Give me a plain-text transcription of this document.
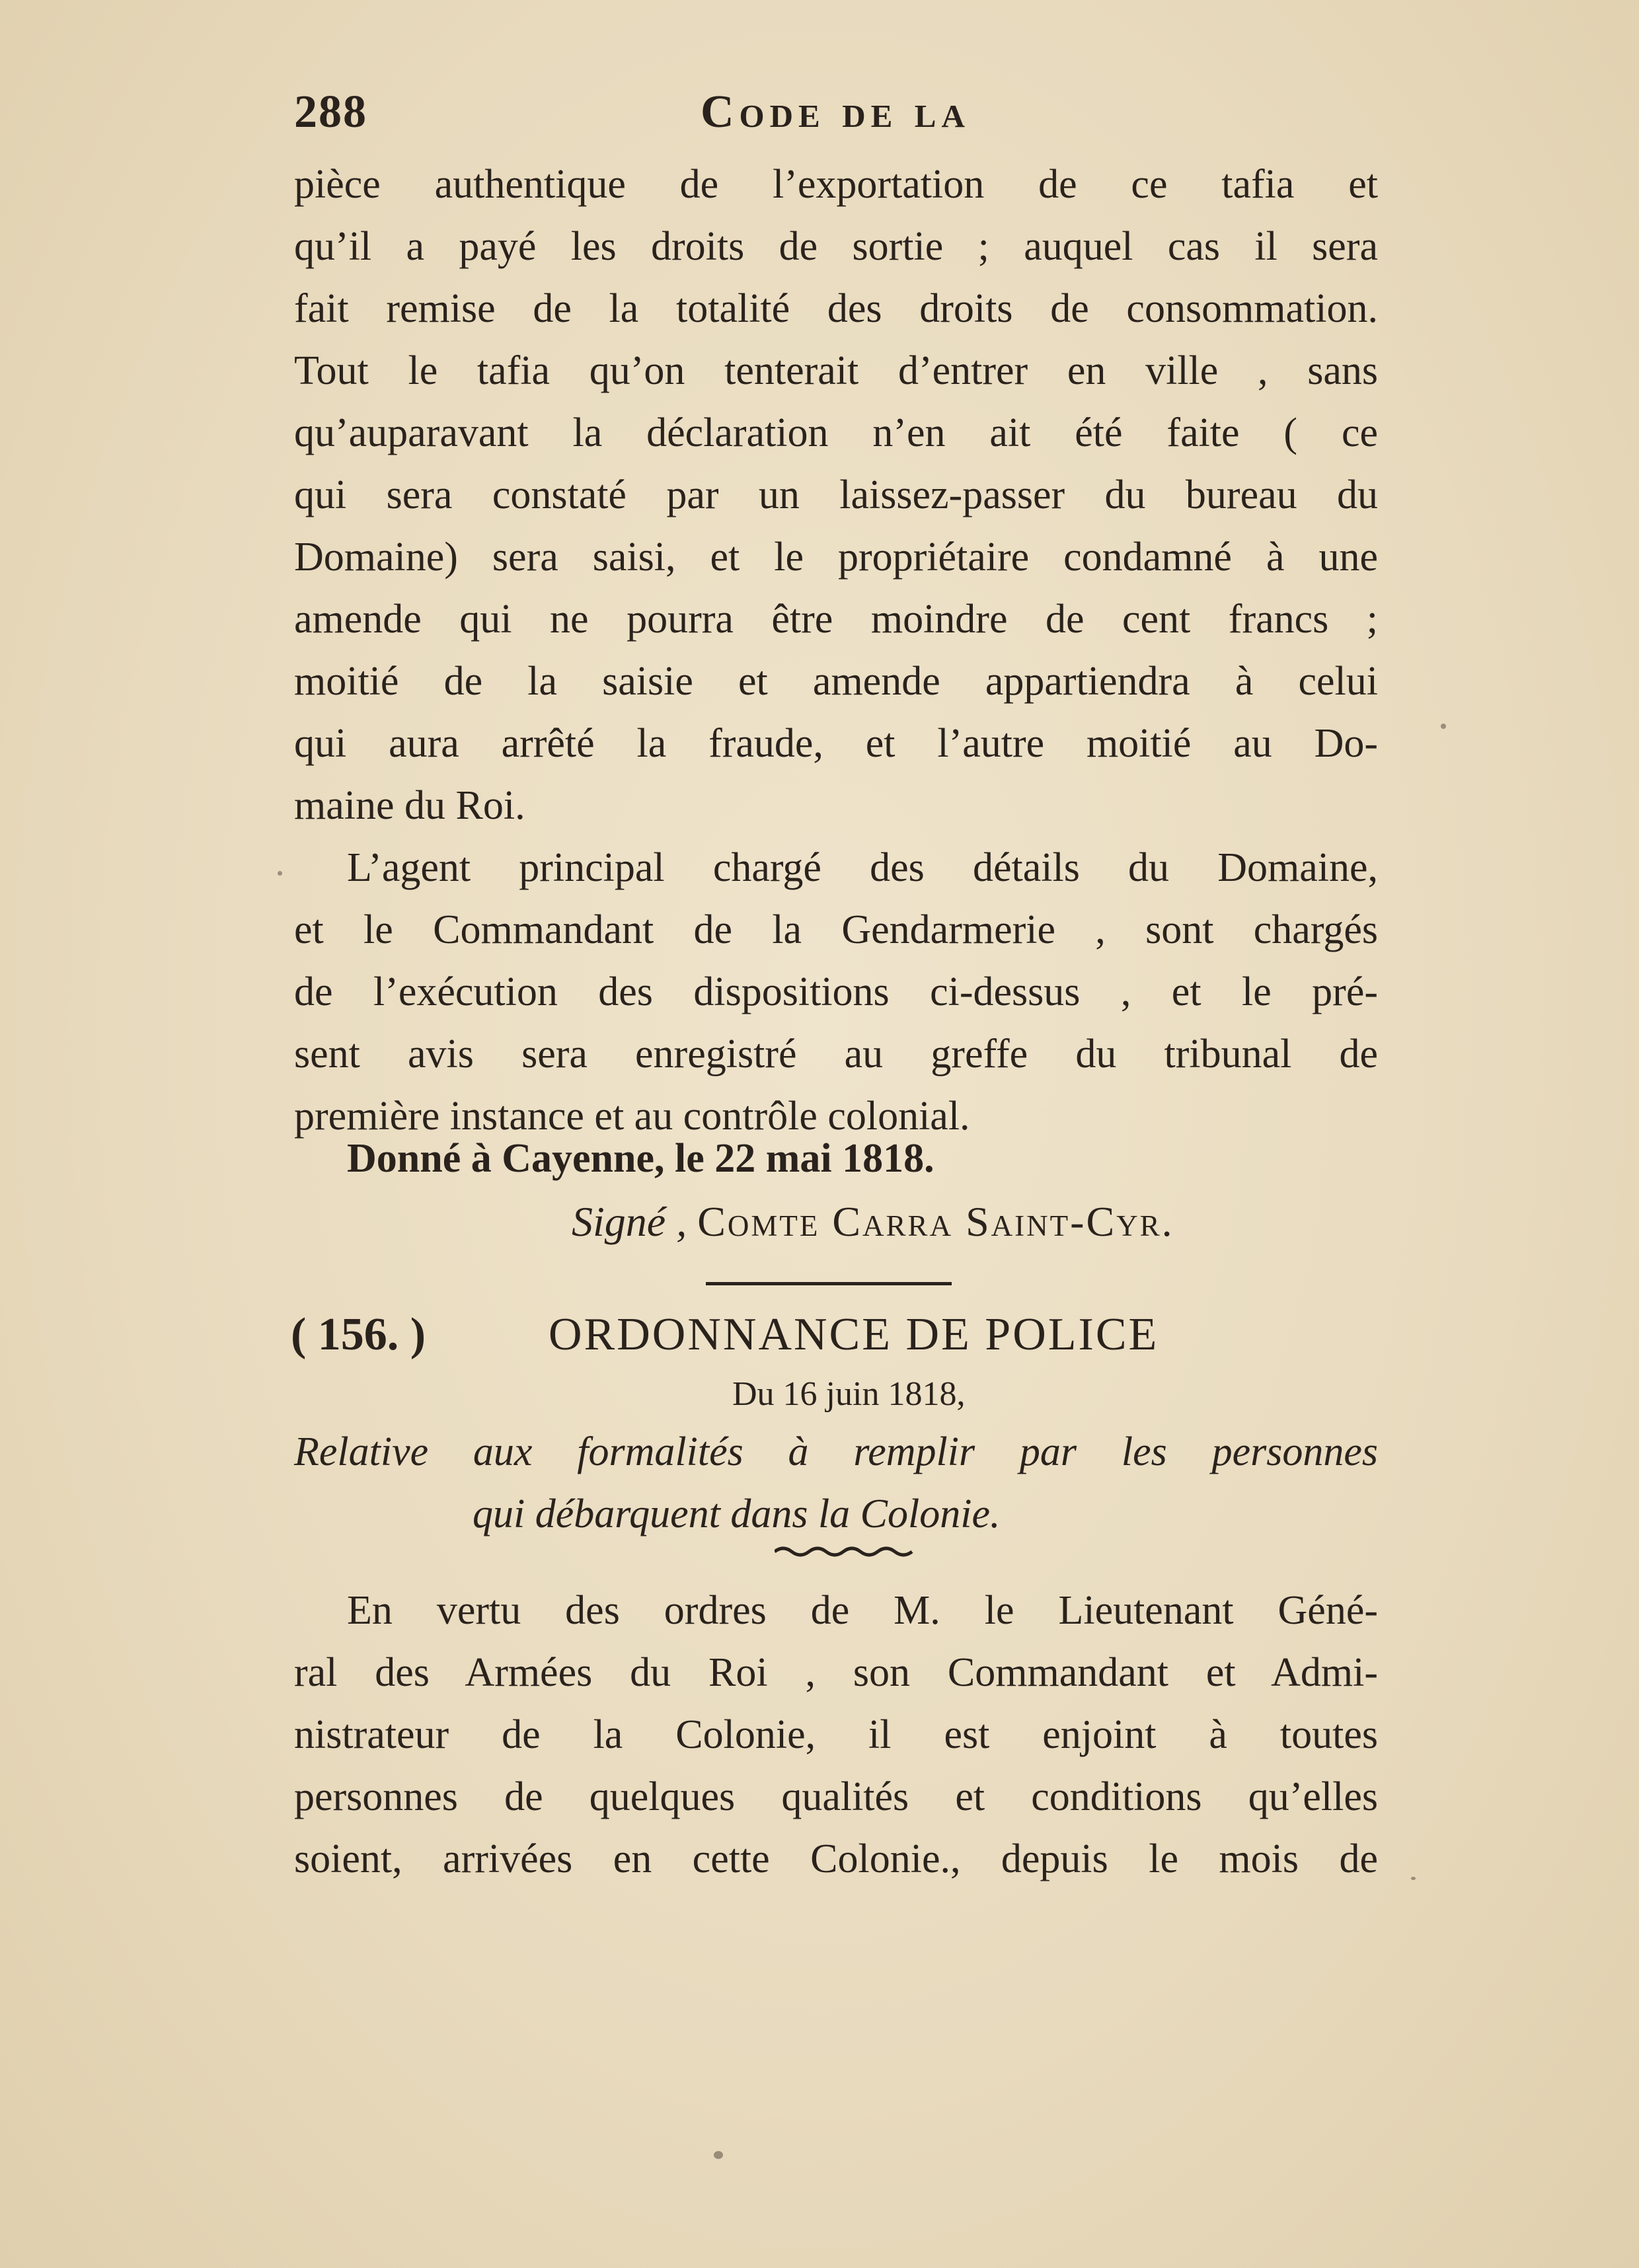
288	Code de la
pièce authentique de l’exportation de ce tafia et
qu’il a payé les droits de sortie ; auquel cas il sera
fait remise de la totalité des droits de consommation.
Tout le tafia qu’on tenterait d’entrer en ville , sans
qu’auparavant la déclaration n’en ait été faite ( ce
qui sera constaté par un laissez-passer du bureau du
Domaine) sera saisi, et le propriétaire condamné à une
amende qui ne pourra être moindre de cent francs ;
moitié de la saisie et amende appartiendra à celui
qui aura arrêté la fraude, et l’autre moitié au Do-
maine du Roi.
L’agent principal chargé des détails du Domaine,
et le Commandant de la Gendarmerie , sont chargés
de l’exécution des dispositions ci-dessus , et le pré-
sent avis sera enregistré au greffe du tribunal de
première instance et au contrôle colonial.
Donné à Cayenne, le 22 mai 1818.
Signé , Comte Carra Saint-Cyr.
( 156. )	ORDONNANCE DE POLICE
Du 16 juin 1818,
Relative aux formalités à remplir par les personnes
qui débarquent dans la Colonie.
En vertu des ordres de M. le Lieutenant Géné-
ral des Armées du Roi , son Commandant et Admi-
nistrateur de la Colonie, il est enjoint à toutes
personnes de quelques qualités et conditions qu’elles
soient, arrivées en cette Colonie., depuis le mois de
